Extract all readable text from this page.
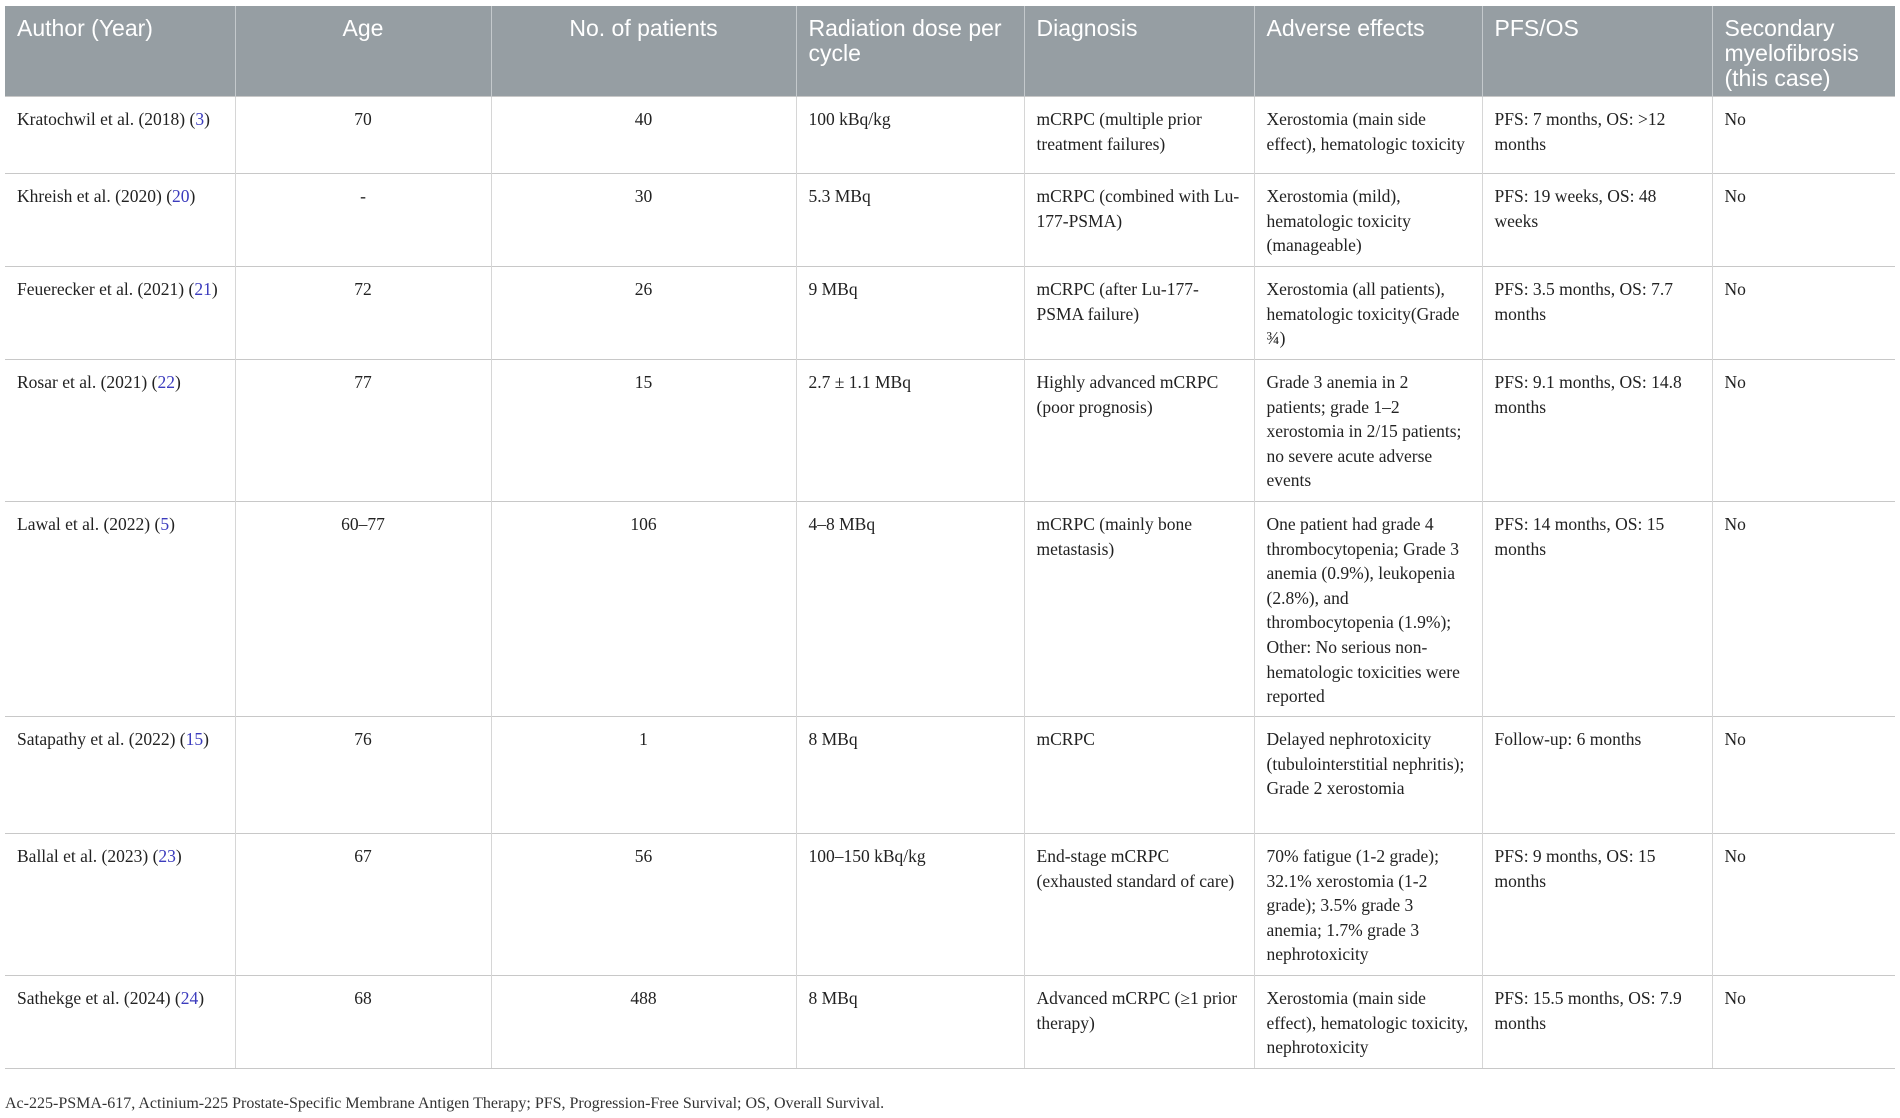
Author (Year)	Age	No. of patients	Radiation dose per cycle	Diagnosis	Adverse effects	PFS/OS	Secondary myelofibrosis (this case)
Kratochwil et al. (2018) (3)	70	40	100 kBq/kg	mCRPC (multiple prior treatment failures)	Xerostomia (main side effect), hematologic toxicity	PFS: 7 months, OS: >12 months	No
Khreish et al. (2020) (20)	-	30	5.3 MBq	mCRPC (combined with Lu-177-PSMA)	Xerostomia (mild), hematologic toxicity (manageable)	PFS: 19 weeks, OS: 48 weeks	No
Feuerecker et al. (2021) (21)	72	26	9 MBq	mCRPC (after Lu-177-PSMA failure)	Xerostomia (all patients), hematologic toxicity(Grade ¾)	PFS: 3.5 months, OS: 7.7 months	No
Rosar et al. (2021) (22)	77	15	2.7 ± 1.1 MBq	Highly advanced mCRPC (poor prognosis)	Grade 3 anemia in 2 patients; grade 1–2 xerostomia in 2/15 patients; no severe acute adverse events	PFS: 9.1 months, OS: 14.8 months	No
Lawal et al. (2022) (5)	60–77	106	4–8 MBq	mCRPC (mainly bone metastasis)	One patient had grade 4 thrombocytopenia; Grade 3 anemia (0.9%), leukopenia (2.8%), and thrombocytopenia (1.9%); Other: No serious non-hematologic toxicities were reported	PFS: 14 months, OS: 15 months	No
Satapathy et al. (2022) (15)	76	1	8 MBq	mCRPC	Delayed nephrotoxicity (tubulointerstitial nephritis); Grade 2 xerostomia	Follow-up: 6 months	No
Ballal et al. (2023) (23)	67	56	100–150 kBq/kg	End-stage mCRPC (exhausted standard of care)	70% fatigue (1-2 grade); 32.1% xerostomia (1-2 grade); 3.5% grade 3 anemia; 1.7% grade 3 nephrotoxicity	PFS: 9 months, OS: 15 months	No
Sathekge et al. (2024) (24)	68	488	8 MBq	Advanced mCRPC (≥1 prior therapy)	Xerostomia (main side effect), hematologic toxicity, nephrotoxicity	PFS: 15.5 months, OS: 7.9 months	No
Ac-225-PSMA-617, Actinium-225 Prostate-Specific Membrane Antigen Therapy; PFS, Progression-Free Survival; OS, Overall Survival.
